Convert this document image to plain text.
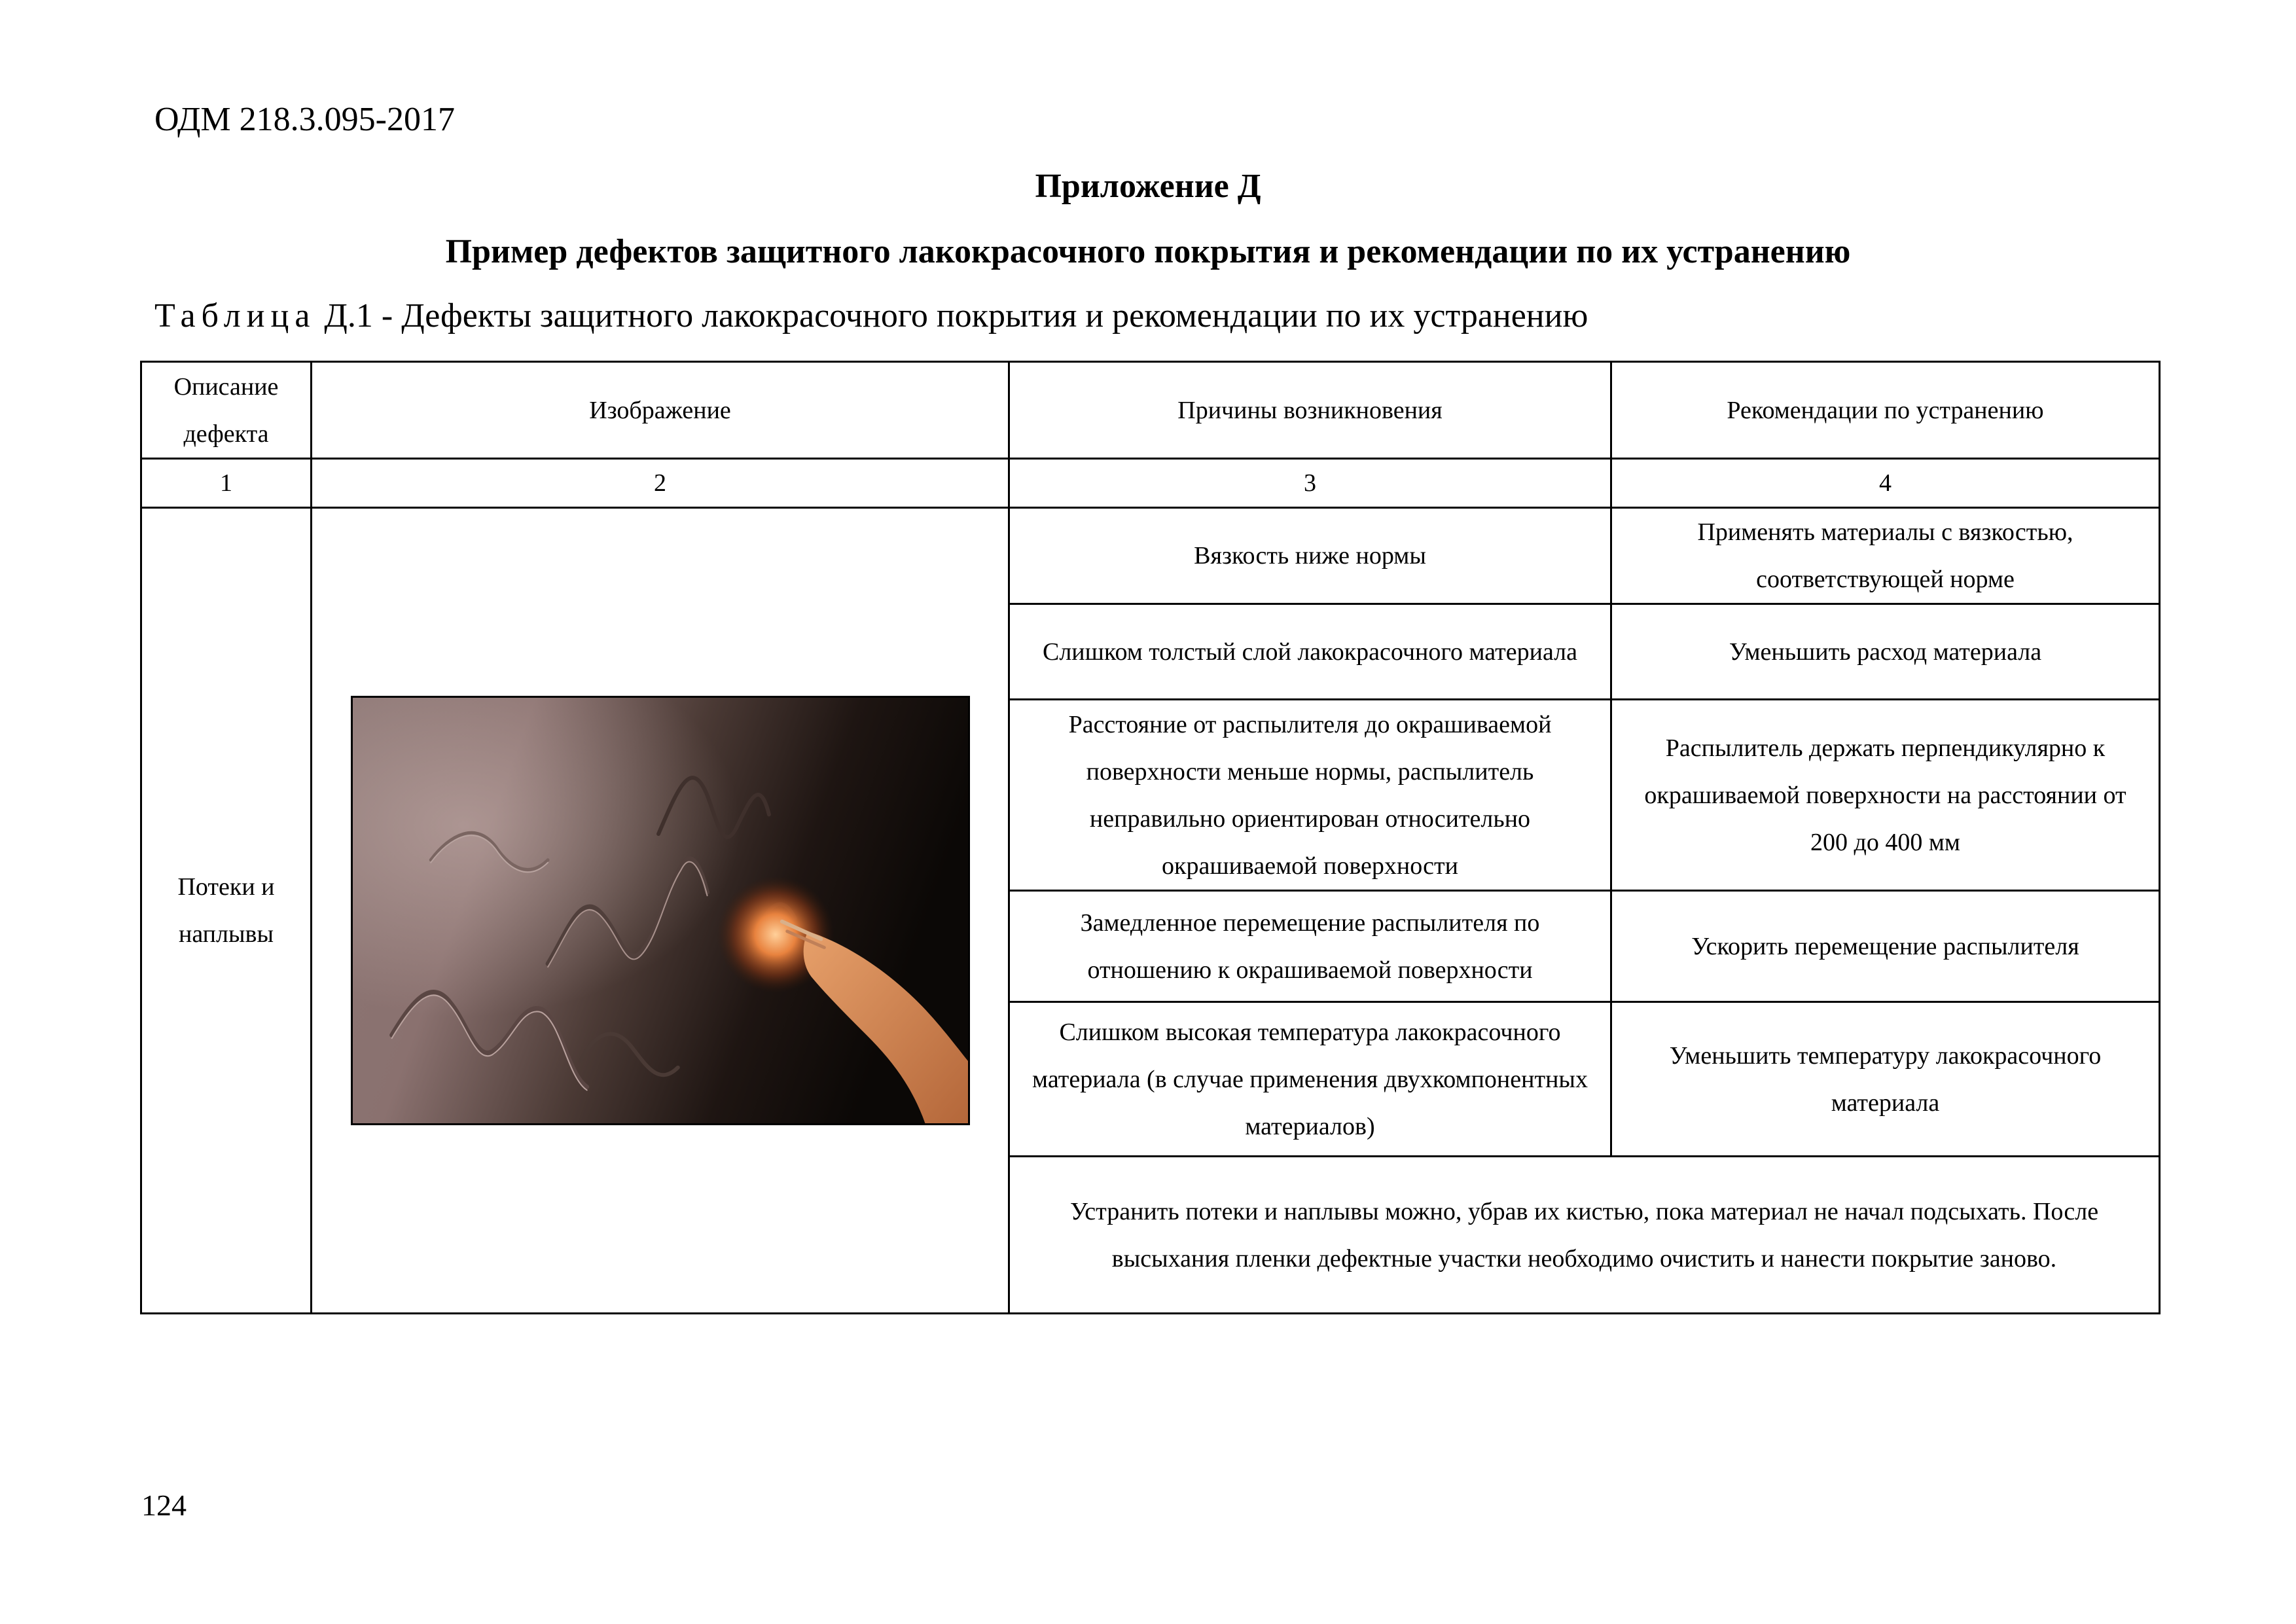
ОДМ 218.3.095-2017
Приложение Д
Пример дефектов защитного лакокрасочного покрытия и рекомендации по их устранению
Таблица Д.1 - Дефекты защитного лакокрасочного покрытия и рекомендации по их устранению
Описание дефекта	Изображение	Причины возникновения	Рекомендации по устранению
1	2	3	4
Потеки и наплывы		Вязкость ниже нормы	Применять материалы с вязкостью, соответствующей норме
		Слишком толстый слой лакокрасочного материала	Уменьшить расход материала
		Расстояние от распылителя до окрашиваемой поверхности меньше нормы, распылитель неправильно ориентирован относительно окрашиваемой поверхности	Распылитель держать перпендикулярно к окрашиваемой поверхности на расстоянии от 200 до 400 мм
		Замедленное перемещение распылителя по отношению к окрашиваемой поверхности	Ускорить перемещение распылителя
		Слишком высокая температура лакокрасочного материала (в случае применения двухкомпонентных материалов)	Уменьшить температуру лакокрасочного материала
		Устранить потеки и наплывы можно, убрав их кистью, пока материал не начал подсыхать. После высыхания пленки дефектные участки необходимо очистить и нанести покрытие заново.	
124
